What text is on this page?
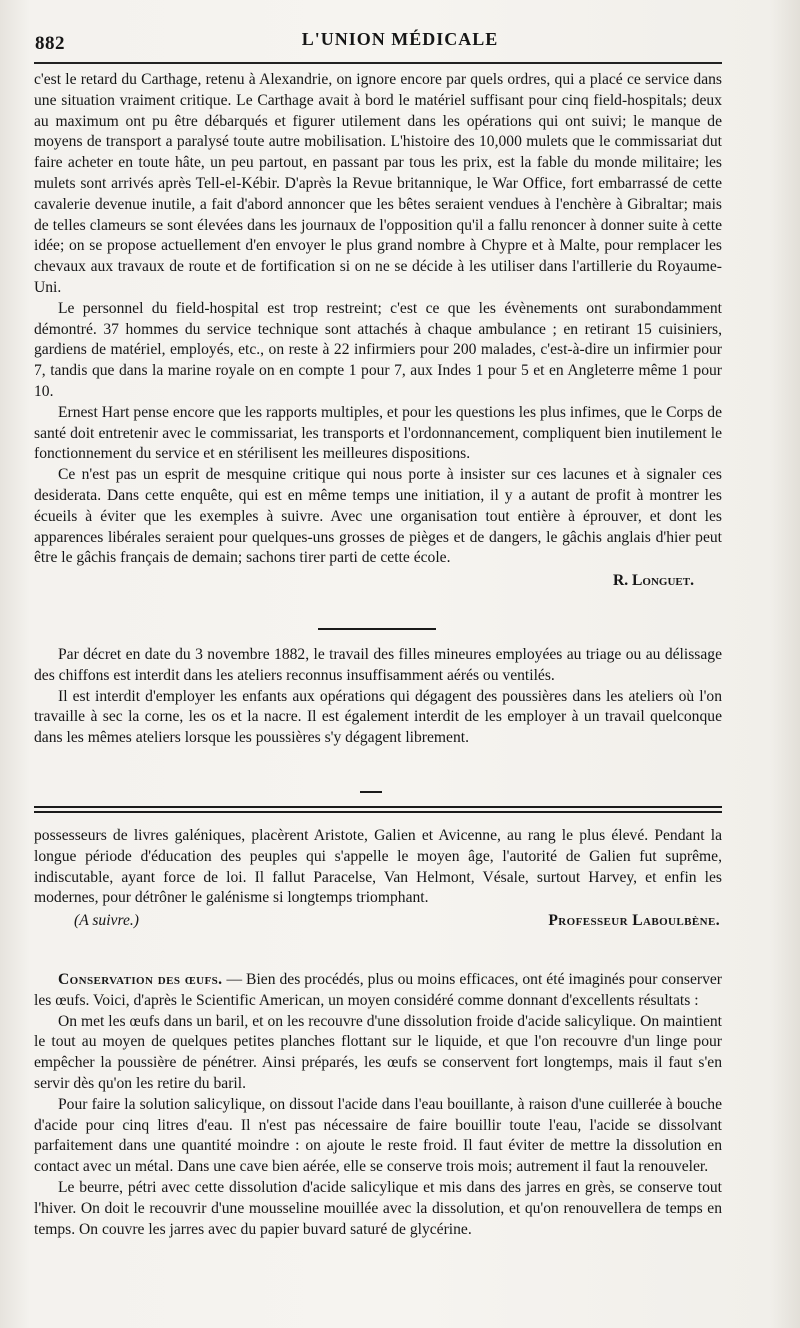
882	L'UNION MÉDICALE

c'est le retard du Carthage, retenu à Alexandrie, on ignore encore par quels ordres, qui a placé ce service dans une situation vraiment critique. Le Carthage avait à bord le matériel suffisant pour cinq field-hospitals; deux au maximum ont pu être débarqués et figurer utilement dans les opérations qui ont suivi; le manque de moyens de transport a paralysé toute autre mobilisation. L'histoire des 10,000 mulets que le commissariat dut faire acheter en toute hâte, un peu partout, en passant par tous les prix, est la fable du monde militaire; les mulets sont arrivés après Tell-el-Kébir. D'après la Revue britannique, le War Office, fort embarrassé de cette cavalerie devenue inutile, a fait d'abord annoncer que les bêtes seraient vendues à l'enchère à Gibraltar; mais de telles clameurs se sont élevées dans les journaux de l'opposition qu'il a fallu renoncer à donner suite à cette idée; on se propose actuellement d'en envoyer le plus grand nombre à Chypre et à Malte, pour remplacer les chevaux aux travaux de route et de fortification si on ne se décide à les utiliser dans l'artillerie du Royaume-Uni.

Le personnel du field-hospital est trop restreint; c'est ce que les évènements ont surabondamment démontré. 37 hommes du service technique sont attachés à chaque ambulance ; en retirant 15 cuisiniers, gardiens de matériel, employés, etc., on reste à 22 infirmiers pour 200 malades, c'est-à-dire un infirmier pour 7, tandis que dans la marine royale on en compte 1 pour 7, aux Indes 1 pour 5 et en Angleterre même 1 pour 10.

Ernest Hart pense encore que les rapports multiples, et pour les questions les plus infimes, que le Corps de santé doit entretenir avec le commissariat, les transports et l'ordonnancement, compliquent bien inutilement le fonctionnement du service et en stérilisent les meilleures dispositions.

Ce n'est pas un esprit de mesquine critique qui nous porte à insister sur ces lacunes et à signaler ces desiderata. Dans cette enquête, qui est en même temps une initiation, il y a autant de profit à montrer les écueils à éviter que les exemples à suivre. Avec une organisation tout entière à éprouver, et dont les apparences libérales seraient pour quelques-uns grosses de pièges et de dangers, le gâchis anglais d'hier peut être le gâchis français de demain; sachons tirer parti de cette école.

R. Longuet.

Par décret en date du 3 novembre 1882, le travail des filles mineures employées au triage ou au délissage des chiffons est interdit dans les ateliers reconnus insuffisamment aérés ou ventilés.

Il est interdit d'employer les enfants aux opérations qui dégagent des poussières dans les ateliers où l'on travaille à sec la corne, les os et la nacre. Il est également interdit de les employer à un travail quelconque dans les mêmes ateliers lorsque les poussières s'y dégagent librement.

possesseurs de livres galéniques, placèrent Aristote, Galien et Avicenne, au rang le plus élevé. Pendant la longue période d'éducation des peuples qui s'appelle le moyen âge, l'autorité de Galien fut suprême, indiscutable, ayant force de loi. Il fallut Paracelse, Van Helmont, Vésale, surtout Harvey, et enfin les modernes, pour détrôner le galénisme si longtemps triomphant.

(A suivre.)	Professeur Laboulbène.

Conservation des œufs. — Bien des procédés, plus ou moins efficaces, ont été imaginés pour conserver les œufs. Voici, d'après le Scientific American, un moyen considéré comme donnant d'excellents résultats :

On met les œufs dans un baril, et on les recouvre d'une dissolution froide d'acide salicylique. On maintient le tout au moyen de quelques petites planches flottant sur le liquide, et que l'on recouvre d'un linge pour empêcher la poussière de pénétrer. Ainsi préparés, les œufs se conservent fort longtemps, mais il faut s'en servir dès qu'on les retire du baril.

Pour faire la solution salicylique, on dissout l'acide dans l'eau bouillante, à raison d'une cuillerée à bouche d'acide pour cinq litres d'eau. Il n'est pas nécessaire de faire bouillir toute l'eau, l'acide se dissolvant parfaitement dans une quantité moindre : on ajoute le reste froid. Il faut éviter de mettre la dissolution en contact avec un métal. Dans une cave bien aérée, elle se conserve trois mois; autrement il faut la renouveler.

Le beurre, pétri avec cette dissolution d'acide salicylique et mis dans des jarres en grès, se conserve tout l'hiver. On doit le recouvrir d'une mousseline mouillée avec la dissolution, et qu'on renouvellera de temps en temps. On couvre les jarres avec du papier buvard saturé de glycérine.
